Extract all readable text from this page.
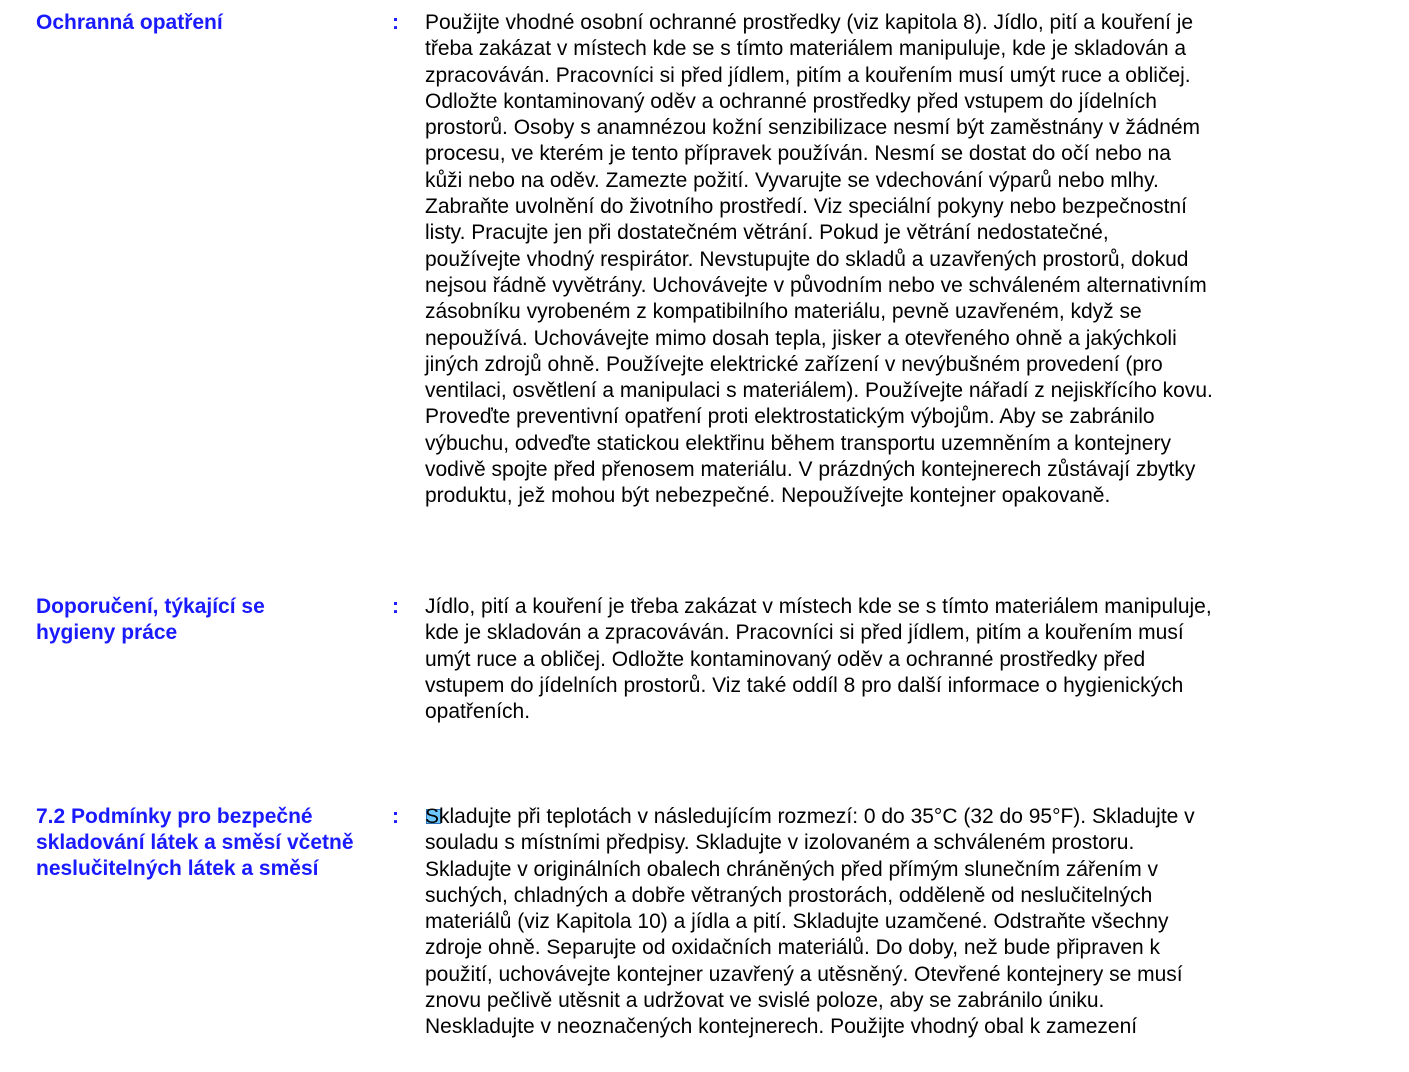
Ochranná opatření	: Použijte vhodné osobní ochranné prostředky (viz kapitola 8). Jídlo, pití a kouření je
třeba zakázat v místech kde se s tímto materiálem manipuluje, kde je skladován a
zpracováván. Pracovníci si před jídlem, pitím a kouřením musí umýt ruce a obličej.
Odložte kontaminovaný oděv a ochranné prostředky před vstupem do jídelních
prostorů. Osoby s anamnézou kožní senzibilizace nesmí být zaměstnány v žádném
procesu, ve kterém je tento přípravek používán. Nesmí se dostat do očí nebo na
kůži nebo na oděv. Zamezte požití. Vyvarujte se vdechování výparů nebo mlhy.
Zabraňte uvolnění do životního prostředí. Viz speciální pokyny nebo bezpečnostní
listy. Pracujte jen při dostatečném větrání. Pokud je větrání nedostatečné,
používejte vhodný respirátor. Nevstupujte do skladů a uzavřených prostorů, dokud
nejsou řádně vyvětrány. Uchovávejte v původním nebo ve schváleném alternativním
zásobníku vyrobeném z kompatibilního materiálu, pevně uzavřeném, když se
nepoužívá. Uchovávejte mimo dosah tepla, jisker a otevřeného ohně a jakýchkoli
jiných zdrojů ohně. Používejte elektrické zařízení v nevýbušném provedení (pro
ventilaci, osvětlení a manipulaci s materiálem). Používejte nářadí z nejiskřícího kovu.
Proveďte preventivní opatření proti elektrostatickým výbojům. Aby se zabránilo
výbuchu, odveďte statickou elektřinu během transportu uzemněním a kontejnery
vodivě spojte před přenosem materiálu. V prázdných kontejnerech zůstávají zbytky
produktu, jež mohou být nebezpečné. Nepoužívejte kontejner opakovaně.
Doporučení, týkající se hygieny práce
: Jídlo, pití a kouření je třeba zakázat v místech kde se s tímto materiálem manipuluje,
kde je skladován a zpracováván. Pracovníci si před jídlem, pitím a kouřením musí
umýt ruce a obličej. Odložte kontaminovaný oděv a ochranné prostředky před
vstupem do jídelních prostorů. Viz také oddíl 8 pro další informace o hygienických
opatřeních.
7.2 Podmínky pro bezpečné skladování látek a směsí včetně neslučitelných látek a směsí
: Skladujte při teplotách v následujícím rozmezí: 0 do 35°C (32 do 95°F). Skladujte v
souladu s místními předpisy. Skladujte v izolovaném a schváleném prostoru.
Skladujte v originálních obalech chráněných před přímým slunečním zářením v
suchých, chladných a dobře větraných prostorách, odděleně od neslučitelných
materiálů (viz Kapitola 10) a jídla a pití. Skladujte uzamčené. Odstraňte všechny
zdroje ohně. Separujte od oxidačních materiálů. Do doby, než bude připraven k
použití, uchovávejte kontejner uzavřený a utěsněný. Otevřené kontejnery se musí
znovu pečlivě utěsnit a udržovat ve svislé poloze, aby se zabránilo úniku.
Neskladujte v neoznačených kontejnerech. Použijte vhodný obal k zamezení
